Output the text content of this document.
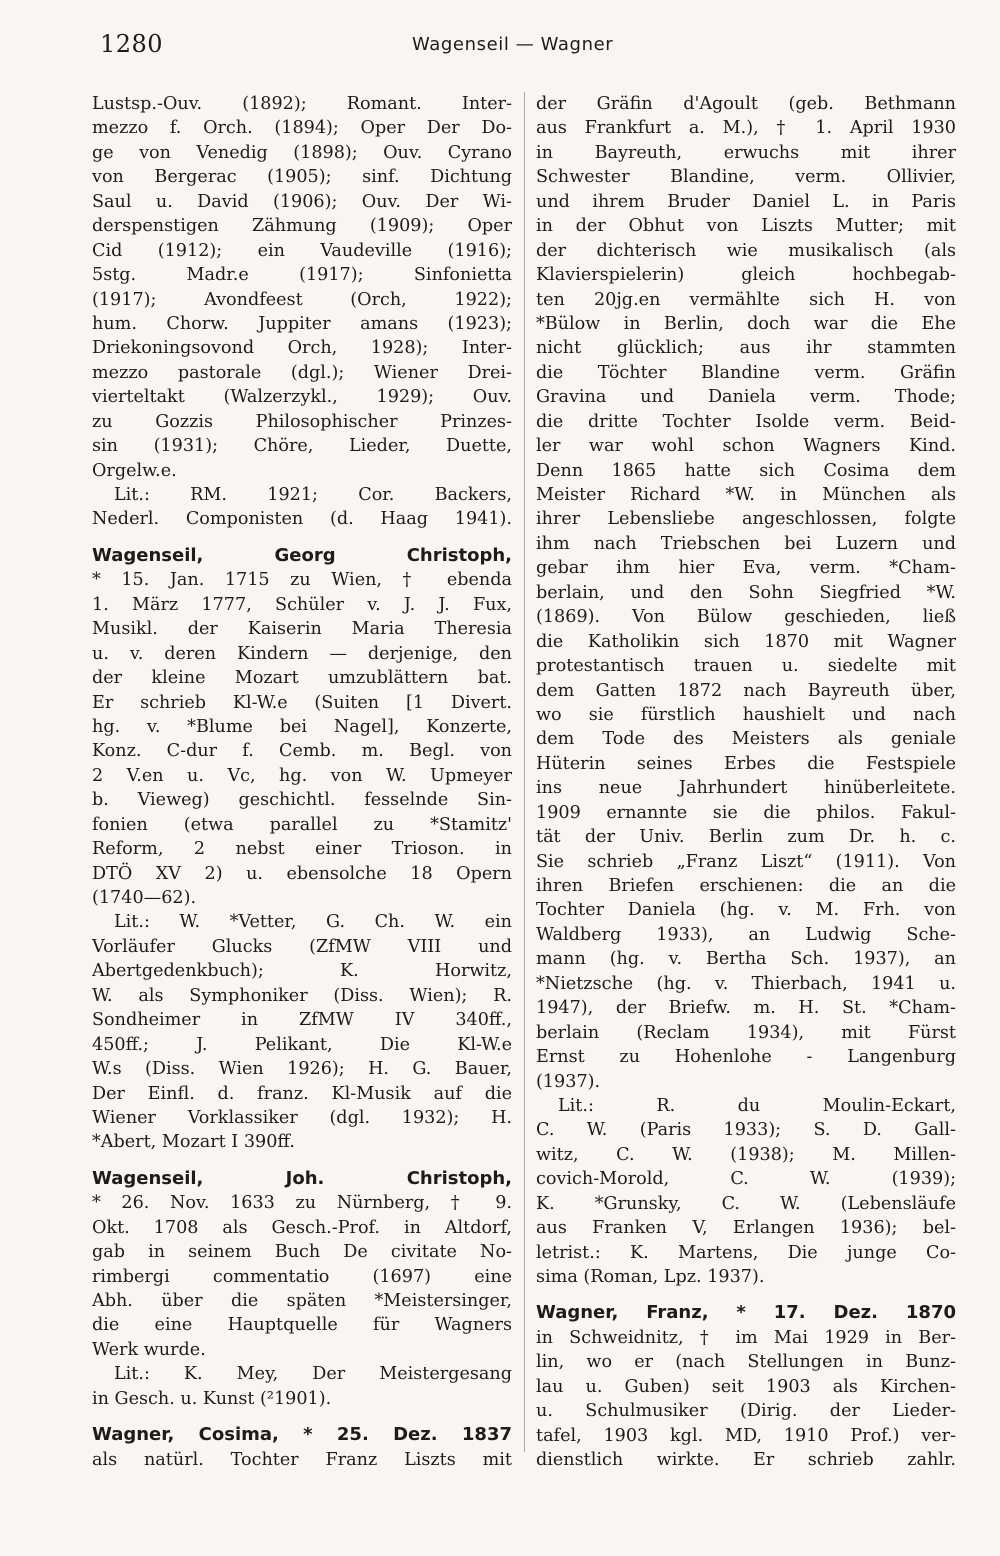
1280	Wagenseil — Wagner
Lustsp.-Ouv. (1892); Romant. Inter-
mezzo f. Orch. (1894); Oper Der Do-
ge von Venedig (1898); Ouv. Cyrano
von Bergerac (1905); sinf. Dichtung
Saul u. David (1906); Ouv. Der Wi-
derspenstigen Zähmung (1909); Oper
Cid (1912); ein Vaudeville (1916);
5stg. Madr.e (1917); Sinfonietta
(1917); Avondfeest (Orch, 1922);
hum. Chorw. Juppiter amans (1923);
Driekoningsovond Orch, 1928); Inter-
mezzo pastorale (dgl.); Wiener Drei-
vierteltakt (Walzerzykl., 1929); Ouv.
zu Gozzis Philosophischer Prinzes-
sin (1931); Chöre, Lieder, Duette,
Orgelw.e.
Lit.: RM. 1921; Cor. Backers,
Nederl. Componisten (d. Haag 1941).
Wagenseil, Georg Christoph,
* 15. Jan. 1715 zu Wien, † ebenda
1. März 1777, Schüler v. J. J. Fux,
Musikl. der Kaiserin Maria Theresia
u. v. deren Kindern — derjenige, den
der kleine Mozart umzublättern bat.
Er schrieb Kl-W.e (Suiten [1 Divert.
hg. v. *Blume bei Nagel], Konzerte,
Konz. C-dur f. Cemb. m. Begl. von
2 V.en u. Vc, hg. von W. Upmeyer
b. Vieweg) geschichtl. fesselnde Sin-
fonien (etwa parallel zu *Stamitz'
Reform, 2 nebst einer Trioson. in
DTÖ XV 2) u. ebensolche 18 Opern
(1740—62).
Lit.: W. *Vetter, G. Ch. W. ein
Vorläufer Glucks (ZfMW VIII und
Abertgedenkbuch); K. Horwitz,
W. als Symphoniker (Diss. Wien); R.
Sondheimer in ZfMW IV 340ff.,
450ff.; J. Pelikant, Die Kl-W.e
W.s (Diss. Wien 1926); H. G. Bauer,
Der Einfl. d. franz. Kl-Musik auf die
Wiener Vorklassiker (dgl. 1932); H.
*Abert, Mozart I 390ff.
Wagenseil, Joh. Christoph,
* 26. Nov. 1633 zu Nürnberg, † 9.
Okt. 1708 als Gesch.-Prof. in Altdorf,
gab in seinem Buch De civitate No-
rimbergi commentatio (1697) eine
Abh. über die späten *Meistersinger,
die eine Hauptquelle für Wagners
Werk wurde.
Lit.: K. Mey, Der Meistergesang
in Gesch. u. Kunst (²1901).
Wagner, Cosima, * 25. Dez. 1837
als natürl. Tochter Franz Liszts mit
der Gräfin d'Agoult (geb. Bethmann
aus Frankfurt a. M.), † 1. April 1930
in Bayreuth, erwuchs mit ihrer
Schwester Blandine, verm. Ollivier,
und ihrem Bruder Daniel L. in Paris
in der Obhut von Liszts Mutter; mit
der dichterisch wie musikalisch (als
Klavierspielerin) gleich hochbegab-
ten 20jg.en vermählte sich H. von
*Bülow in Berlin, doch war die Ehe
nicht glücklich; aus ihr stammten
die Töchter Blandine verm. Gräfin
Gravina und Daniela verm. Thode;
die dritte Tochter Isolde verm. Beid-
ler war wohl schon Wagners Kind.
Denn 1865 hatte sich Cosima dem
Meister Richard *W. in München als
ihrer Lebensliebe angeschlossen, folgte
ihm nach Triebschen bei Luzern und
gebar ihm hier Eva, verm. *Cham-
berlain, und den Sohn Siegfried *W.
(1869). Von Bülow geschieden, ließ
die Katholikin sich 1870 mit Wagner
protestantisch trauen u. siedelte mit
dem Gatten 1872 nach Bayreuth über,
wo sie fürstlich haushielt und nach
dem Tode des Meisters als geniale
Hüterin seines Erbes die Festspiele
ins neue Jahrhundert hinüberleitete.
1909 ernannte sie die philos. Fakul-
tät der Univ. Berlin zum Dr. h. c.
Sie schrieb „Franz Liszt“ (1911). Von
ihren Briefen erschienen: die an die
Tochter Daniela (hg. v. M. Frh. von
Waldberg 1933), an Ludwig Sche-
mann (hg. v. Bertha Sch. 1937), an
*Nietzsche (hg. v. Thierbach, 1941 u.
1947), der Briefw. m. H. St. *Cham-
berlain (Reclam 1934), mit Fürst
Ernst zu Hohenlohe - Langenburg
(1937).
Lit.: R. du Moulin-Eckart,
C. W. (Paris 1933); S. D. Gall-
witz, C. W. (1938); M. Millen-
covich-Morold, C. W. (1939);
K. *Grunsky, C. W. (Lebensläufe
aus Franken V, Erlangen 1936); bel-
letrist.: K. Martens, Die junge Co-
sima (Roman, Lpz. 1937).
Wagner, Franz, * 17. Dez. 1870
in Schweidnitz, † im Mai 1929 in Ber-
lin, wo er (nach Stellungen in Bunz-
lau u. Guben) seit 1903 als Kirchen-
u. Schulmusiker (Dirig. der Lieder-
tafel, 1903 kgl. MD, 1910 Prof.) ver-
dienstlich wirkte. Er schrieb zahlr.
